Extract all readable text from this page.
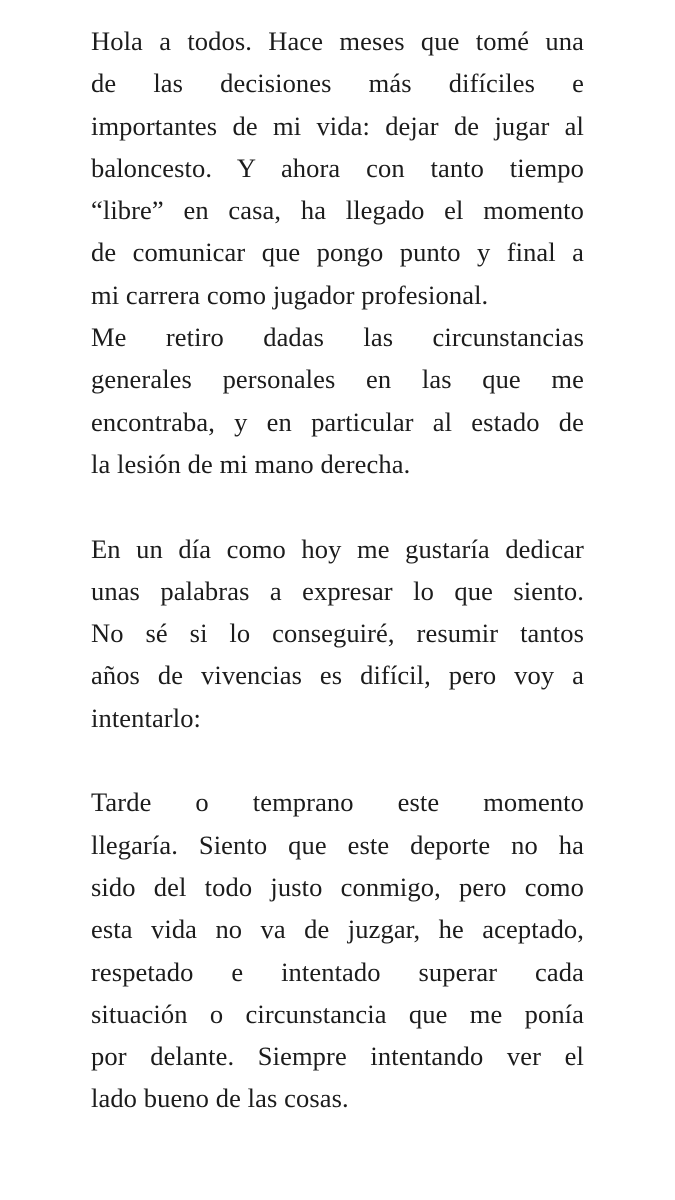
Hola a todos. Hace meses que tomé una
de las decisiones más difíciles e
importantes de mi vida: dejar de jugar al
baloncesto. Y ahora con tanto tiempo
“libre” en casa, ha llegado el momento
de comunicar que pongo punto y final a
mi carrera como jugador profesional.
Me retiro dadas las circunstancias
generales personales en las que me
encontraba, y en particular al estado de
la lesión de mi mano derecha.
En un día como hoy me gustaría dedicar
unas palabras a expresar lo que siento.
No sé si lo conseguiré, resumir tantos
años de vivencias es difícil, pero voy a
intentarlo:
Tarde o temprano este momento
llegaría. Siento que este deporte no ha
sido del todo justo conmigo, pero como
esta vida no va de juzgar, he aceptado,
respetado e intentado superar cada
situación o circunstancia que me ponía
por delante. Siempre intentando ver el
lado bueno de las cosas.
